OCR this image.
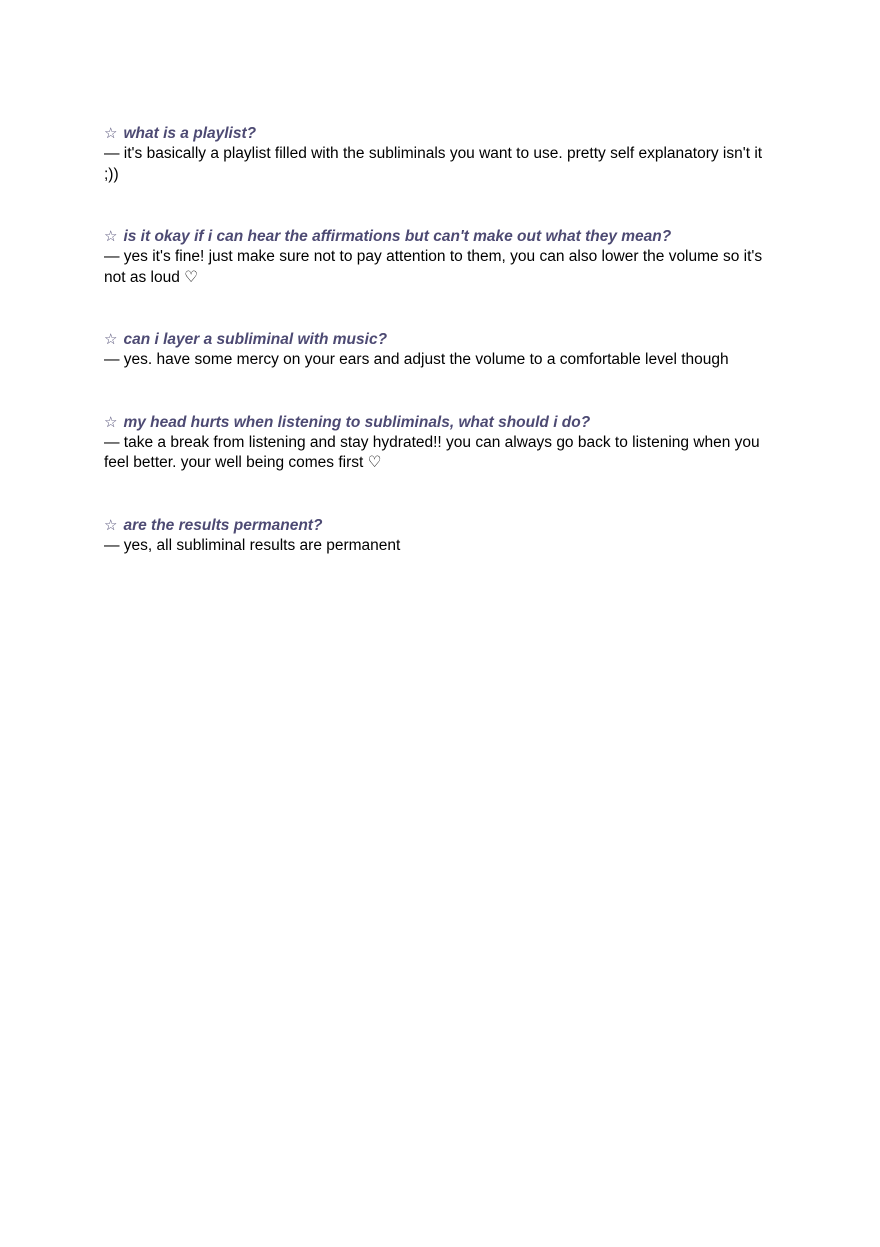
☆ what is a playlist?
— it's basically a playlist filled with the subliminals you want to use. pretty self explanatory isn't it ;))
☆ is it okay if i can hear the affirmations but can't make out what they mean?
— yes it's fine! just make sure not to pay attention to them, you can also lower the volume so it's not as loud ♡
☆ can i layer a subliminal with music?
— yes. have some mercy on your ears and adjust the volume to a comfortable level though
☆ my head hurts when listening to subliminals, what should i do?
— take a break from listening and stay hydrated!! you can always go back to listening when you feel better. your well being comes first ♡
☆ are the results permanent?
— yes, all subliminal results are permanent
